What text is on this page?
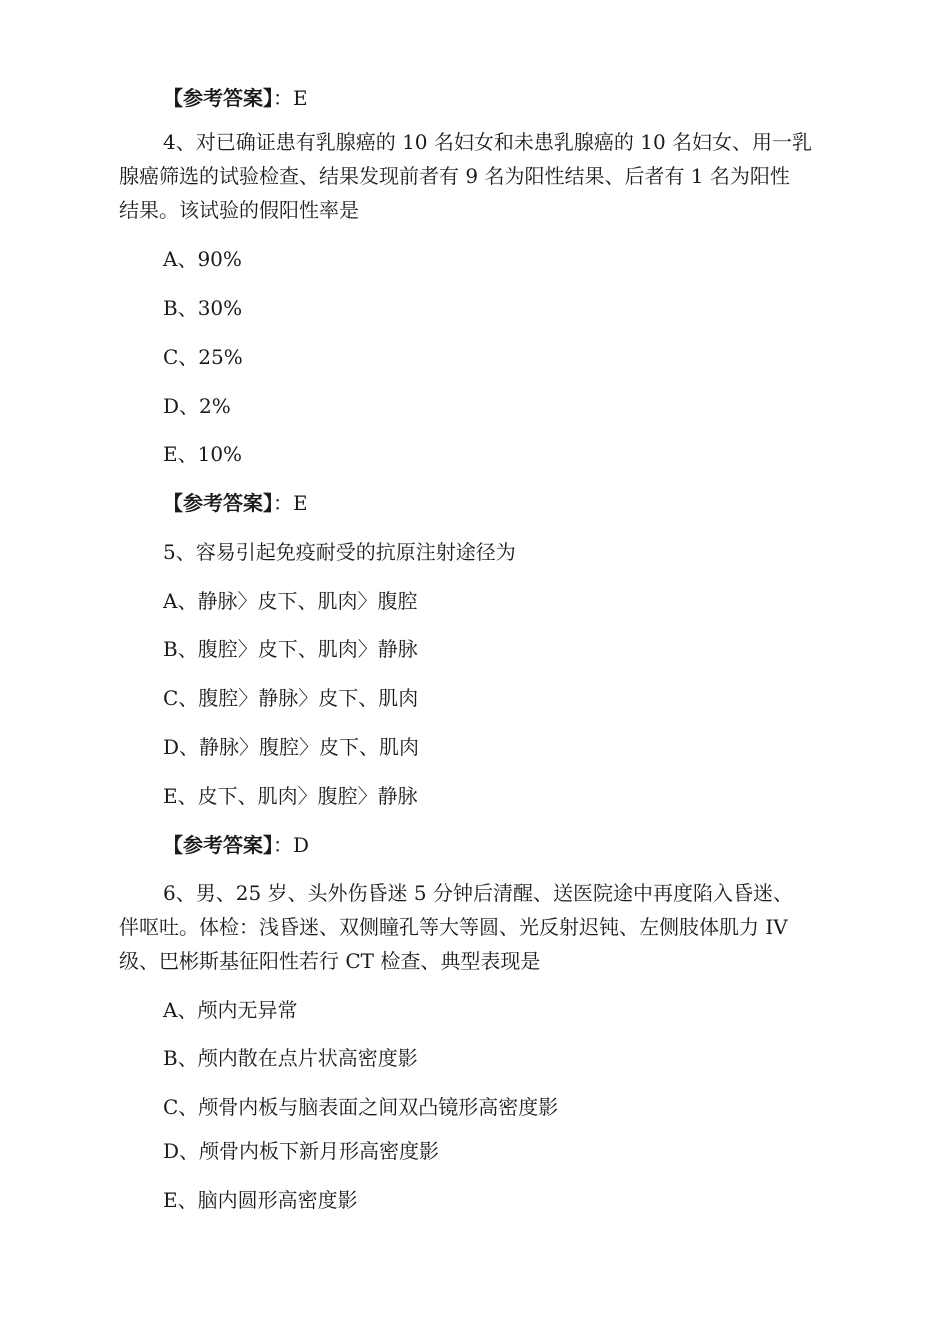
【参考答案】：E
4、对已确证患有乳腺癌的 10 名妇女和未患乳腺癌的 10 名妇女、用一乳
腺癌筛选的试验检查、结果发现前者有 9 名为阳性结果、后者有 1 名为阳性
结果。该试验的假阳性率是
A、90%
B、30%
C、25%
D、2%
E、10%
【参考答案】：E
5、容易引起免疫耐受的抗原注射途径为
A、静脉〉皮下、肌肉〉腹腔
B、腹腔〉皮下、肌肉〉静脉
C、腹腔〉静脉〉皮下、肌肉
D、静脉〉腹腔〉皮下、肌肉
E、皮下、肌肉〉腹腔〉静脉
【参考答案】：D
6、男、25 岁、头外伤昏迷 5 分钟后清醒、送医院途中再度陷入昏迷、
伴呕吐。体检：浅昏迷、双侧瞳孔等大等圆、光反射迟钝、左侧肢体肌力 IV
级、巴彬斯基征阳性若行 CT 检查、典型表现是
A、颅内无异常
B、颅内散在点片状高密度影
C、颅骨内板与脑表面之间双凸镜形高密度影
D、颅骨内板下新月形高密度影
E、脑内圆形高密度影
